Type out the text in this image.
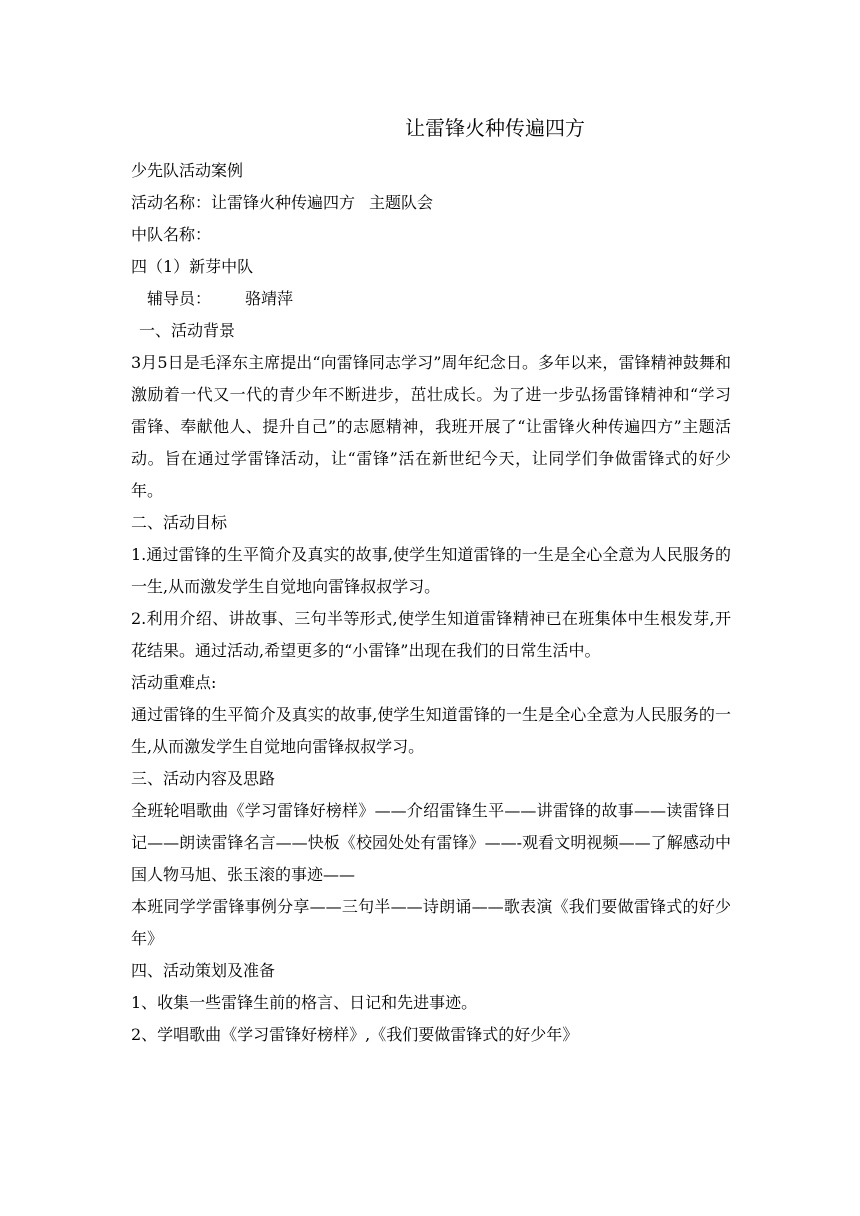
让雷锋火种传遍四方

少先队活动案例

活动名称：让雷锋火种传遍四方 主题队会

中队名称：

四（1）新芽中队

辅导员： 骆靖萍

一、活动背景

3月5日是毛泽东主席提出“向雷锋同志学习”周年纪念日。多年以来，雷锋精神鼓舞和激励着一代又一代的青少年不断进步，茁壮成长。为了进一步弘扬雷锋精神和“学习雷锋、奉献他人、提升自己”的志愿精神，我班开展了“让雷锋火种传遍四方”主题活动。旨在通过学雷锋活动，让“雷锋”活在新世纪今天，让同学们争做雷锋式的好少年。

二、活动目标

1.通过雷锋的生平简介及真实的故事,使学生知道雷锋的一生是全心全意为人民服务的一生,从而激发学生自觉地向雷锋叔叔学习。

2.利用介绍、讲故事、三句半等形式,使学生知道雷锋精神已在班集体中生根发芽,开花结果。通过活动,希望更多的“小雷锋”出现在我们的日常生活中。

活动重难点:

通过雷锋的生平简介及真实的故事,使学生知道雷锋的一生是全心全意为人民服务的一生,从而激发学生自觉地向雷锋叔叔学习。

三、活动内容及思路

全班轮唱歌曲《学习雷锋好榜样》——介绍雷锋生平——讲雷锋的故事——读雷锋日记——朗读雷锋名言——快板《校园处处有雷锋》——-观看文明视频——了解感动中国人物马旭、张玉滚的事迹——

本班同学学雷锋事例分享——三句半——诗朗诵——歌表演《我们要做雷锋式的好少年》

四、活动策划及准备

1、收集一些雷锋生前的格言、日记和先进事迹。

2、学唱歌曲《学习雷锋好榜样》,《我们要做雷锋式的好少年》
